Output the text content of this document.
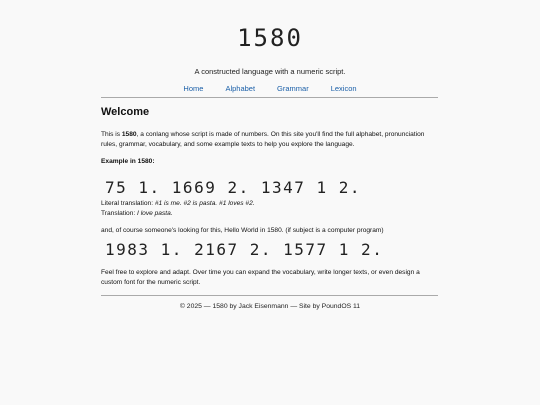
1580

A constructed language with a numeric script.

Home	Alphabet	Grammar	Lexicon
Welcome

This is 1580, a conlang whose script is made of numbers. On this site you'll find the full alphabet, pronunciation rules, grammar, vocabulary, and some example texts to help you explore the language.

Example in 1580:

75 1. 1669 2. 1347 1 2.

Literal translation: #1 is me. #2 is pasta. #1 loves #2.

Translation: I love pasta.

and, of course someone's looking for this, Hello World in 1580. (if subject is a computer program)

1983 1. 2167 2. 1577 1 2.

Feel free to explore and adapt. Over time you can expand the vocabulary, write longer texts, or even design a custom font for the numeric script.

© 2025 — 1580 by Jack Eisenmann — Site by PoundOS 11
